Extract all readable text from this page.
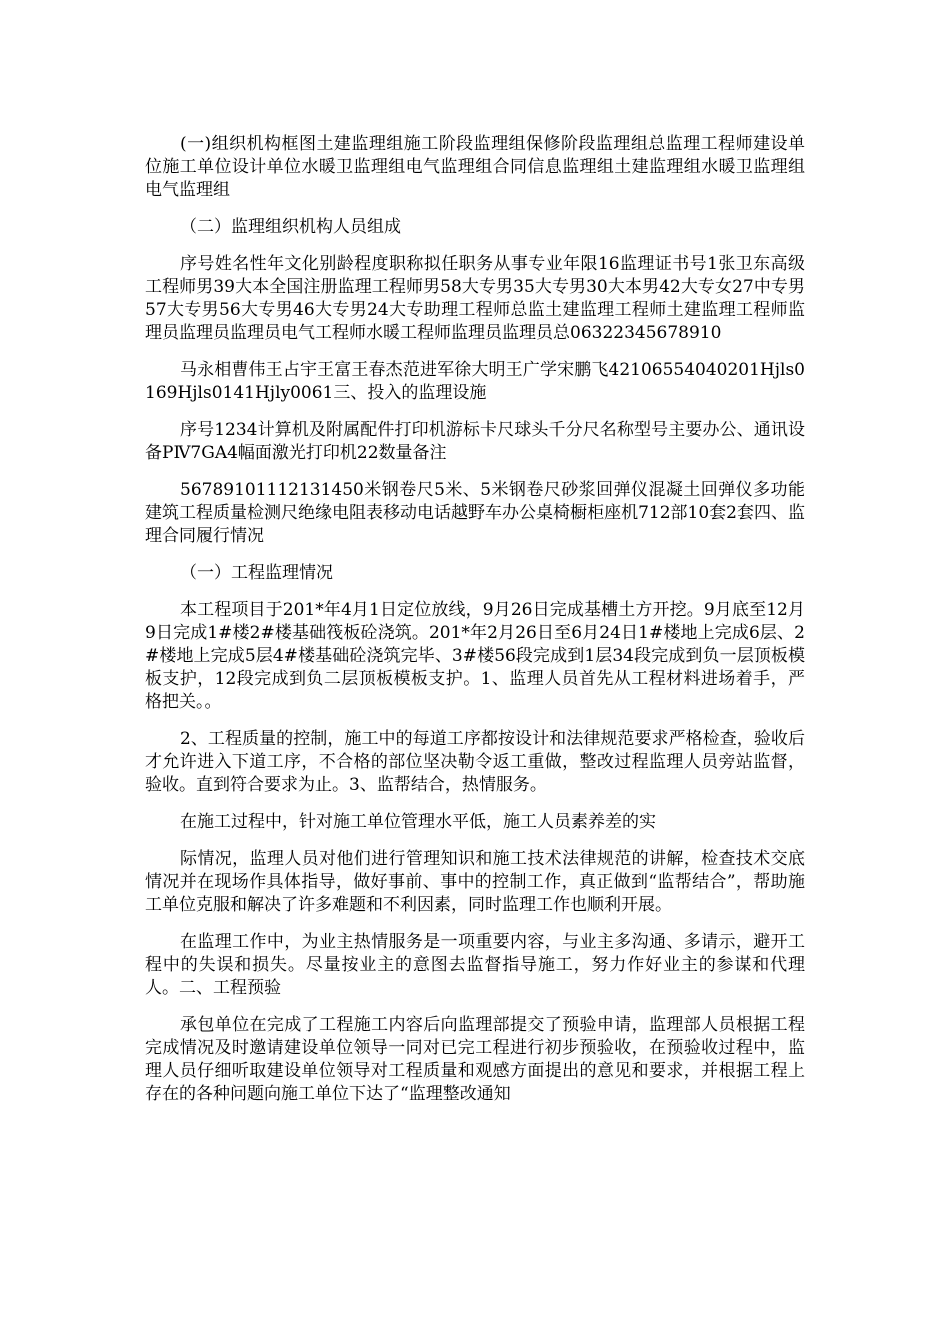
(一)组织机构框图土建监理组施工阶段监理组保修阶段监理组总监理工程师建设单位施工单位设计单位水暖卫监理组电气监理组合同信息监理组土建监理组水暖卫监理组电气监理组

（二）监理组织机构人员组成

序号姓名性年文化别龄程度职称拟任职务从事专业年限16监理证书号1张卫东高级工程师男39大本全国注册监理工程师男58大专男35大专男30大本男42大专女27中专男57大专男56大专男46大专男24大专助理工程师总监土建监理工程师土建监理工程师监理员监理员监理员电气工程师水暖工程师监理员监理员总06322345678910

马永相曹伟王占宇王富王春杰范进军徐大明王广学宋鹏飞42106554040201Hjls0169Hjls0141Hjly0061三、投入的监理设施

序号1234计算机及附属配件打印机游标卡尺球头千分尺名称型号主要办公、通讯设备PⅣ7GA4幅面激光打印机22数量备注

56789101112131450米钢卷尺5米、5米钢卷尺砂浆回弹仪混凝土回弹仪多功能建筑工程质量检测尺绝缘电阻表移动电话越野车办公桌椅橱柜座机712部10套2套四、监理合同履行情况

（一）工程监理情况

本工程项目于201*年4月1日定位放线，9月26日完成基槽土方开挖。9月底至12月9日完成1#楼2#楼基础筏板砼浇筑。201*年2月26日至6月24日1#楼地上完成6层、2#楼地上完成5层4#楼基础砼浇筑完毕、3#楼56段完成到1层34段完成到负一层顶板模板支护，12段完成到负二层顶板模板支护。1、监理人员首先从工程材料进场着手，严格把关。。

2、工程质量的控制，施工中的每道工序都按设计和法律规范要求严格检查，验收后才允许进入下道工序，不合格的部位坚决勒令返工重做，整改过程监理人员旁站监督，验收。直到符合要求为止。3、监帮结合，热情服务。

在施工过程中，针对施工单位管理水平低，施工人员素养差的实

际情况，监理人员对他们进行管理知识和施工技术法律规范的讲解，检查技术交底情况并在现场作具体指导，做好事前、事中的控制工作，真正做到“监帮结合”，帮助施工单位克服和解决了许多难题和不利因素，同时监理工作也顺利开展。

在监理工作中，为业主热情服务是一项重要内容，与业主多沟通、多请示，避开工程中的失误和损失。尽量按业主的意图去监督指导施工，努力作好业主的参谋和代理人。二、工程预验

承包单位在完成了工程施工内容后向监理部提交了预验申请，监理部人员根据工程完成情况及时邀请建设单位领导一同对已完工程进行初步预验收，在预验收过程中，监理人员仔细听取建设单位领导对工程质量和观感方面提出的意见和要求，并根据工程上存在的各种问题向施工单位下达了“监理整改通知
